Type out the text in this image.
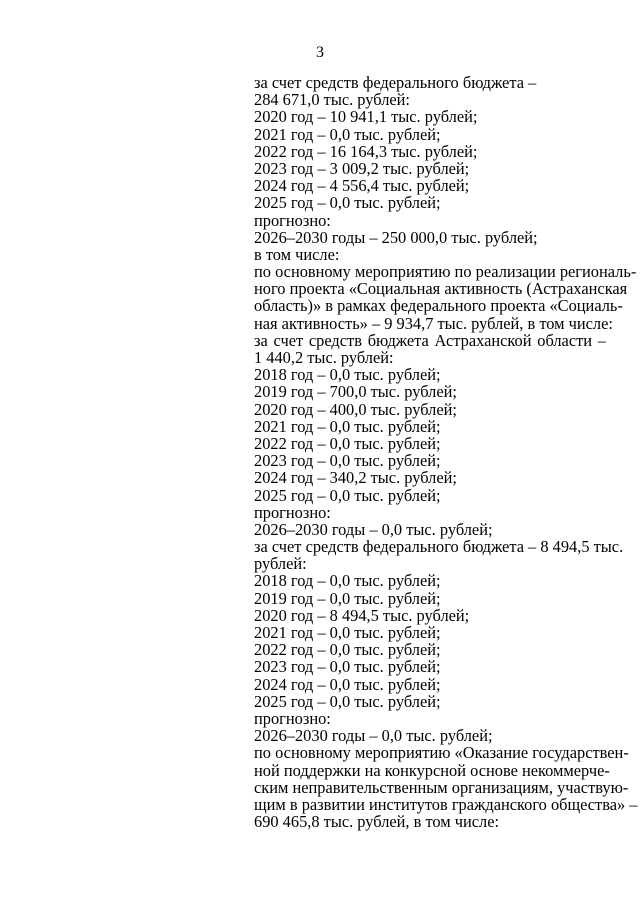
3
за счет средств федерального бюджета –
284 671,0 тыс. рублей:
2020 год – 10 941,1 тыс. рублей;
2021 год – 0,0 тыс. рублей;
2022 год – 16 164,3 тыс. рублей;
2023 год – 3 009,2 тыс. рублей;
2024 год – 4 556,4 тыс. рублей;
2025 год – 0,0 тыс. рублей;
прогнозно:
2026–2030 годы – 250 000,0 тыс. рублей;
в том числе:
по основному мероприятию по реализации региональ-
ного проекта «Социальная активность (Астраханская
область)» в рамках федерального проекта «Социаль-
ная активность» – 9 934,7 тыс. рублей, в том числе:
за счет средств бюджета Астраханской области –
1 440,2 тыс. рублей:
2018 год – 0,0 тыс. рублей;
2019 год – 700,0 тыс. рублей;
2020 год – 400,0 тыс. рублей;
2021 год – 0,0 тыс. рублей;
2022 год – 0,0 тыс. рублей;
2023 год – 0,0 тыс. рублей;
2024 год – 340,2 тыс. рублей;
2025 год – 0,0 тыс. рублей;
прогнозно:
2026–2030 годы – 0,0 тыс. рублей;
за счет средств федерального бюджета – 8 494,5 тыс.
рублей:
2018 год – 0,0 тыс. рублей;
2019 год – 0,0 тыс. рублей;
2020 год – 8 494,5 тыс. рублей;
2021 год – 0,0 тыс. рублей;
2022 год – 0,0 тыс. рублей;
2023 год – 0,0 тыс. рублей;
2024 год – 0,0 тыс. рублей;
2025 год – 0,0 тыс. рублей;
прогнозно:
2026–2030 годы – 0,0 тыс. рублей;
по основному мероприятию «Оказание государствен-
ной поддержки на конкурсной основе некоммерче-
ским неправительственным организациям, участвую-
щим в развитии институтов гражданского общества» –
690 465,8 тыс. рублей, в том числе:
